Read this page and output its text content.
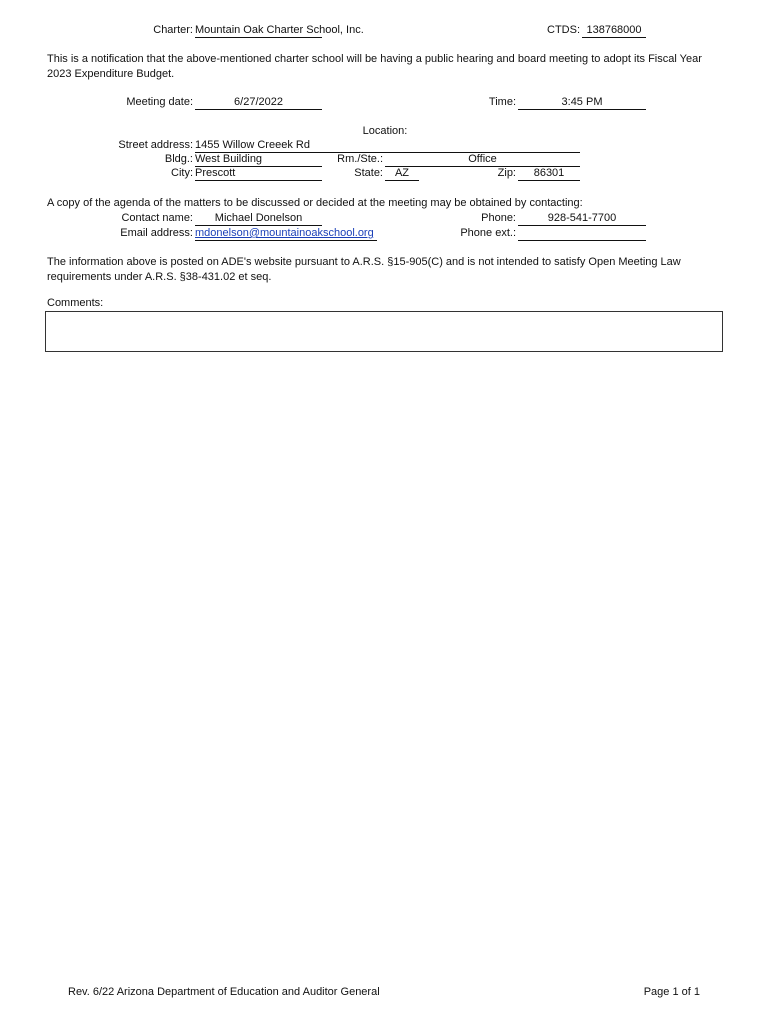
Charter: Mountain Oak Charter School, Inc.	CTDS: 138768000
This is a notification that the above-mentioned charter school will be having a public hearing and board meeting to adopt its Fiscal Year 2023 Expenditure Budget.
Meeting date:	6/27/2022	Time:	3:45 PM
Location:
Street address: 1455 Willow Creeek Rd
Bldg.: West Building	Rm./Ste.:	Office
City: Prescott	State:	AZ	Zip:	86301
A copy of the agenda of the matters to be discussed or decided at the meeting may be obtained by contacting:
Contact name:	Michael Donelson	Phone:	928-541-7700
Email address: mdonelson@mountainoakschool.org	Phone ext.:
The information above is posted on ADE's website pursuant to A.R.S. §15-905(C) and is not intended to satisfy Open Meeting Law requirements under A.R.S. §38-431.02 et seq.
Comments:
Rev. 6/22 Arizona Department of Education and Auditor General	Page 1 of 1
